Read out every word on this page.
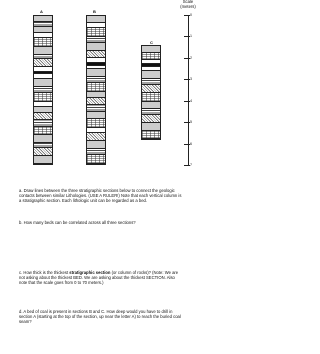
A	B
C
Scale
(meters)
0
1
2
3
4
5
6
7
a. Draw lines between the three stratigraphic sections below to connect the geologic contacts between similar Lithologies. (USE A RULER!) Note that each vertical column is a stratigraphic section. Each lithologic unit can be regarded as a bed.
b. How many beds can be correlated across all three sections?
c. How thick is the thickest stratigraphic section (or column of rocks)? (Note: We are not asking about the thickest BED. We are asking about the thickest SECTION. Also note that the scale goes from 0 to 70 meters.)
d. A bed of coal is present in sections B and C. How deep would you have to drill in section A (starting at the top of the section, up near the letter A) to reach the buried coal seam?
